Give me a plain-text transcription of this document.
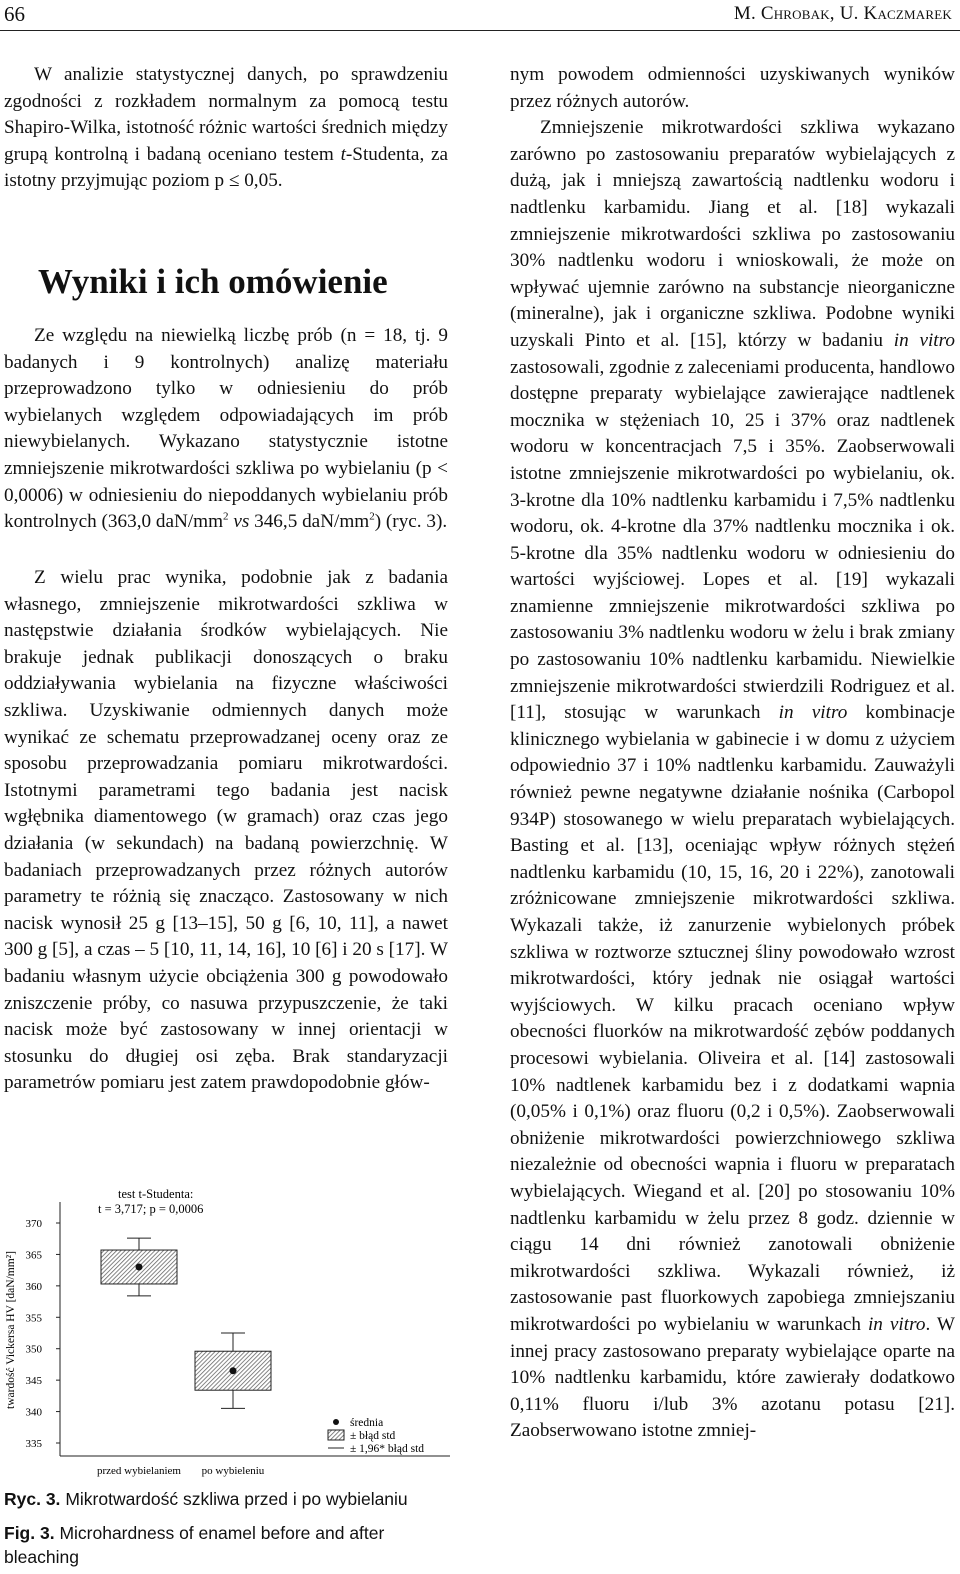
66	M. Chrobak, U. Kaczmarek

W analizie statystycznej danych, po sprawdzeniu zgodności z rozkładem normalnym za pomocą testu Shapiro-Wilka, istotność różnic wartości średnich między grupą kontrolną i badaną oceniano testem t-Studenta, za istotny przyjmując poziom p ≤ 0,05.

Wyniki i ich omówienie

Ze względu na niewielką liczbę prób (n = 18, tj. 9 badanych i 9 kontrolnych) analizę materiału przeprowadzono tylko w odniesieniu do prób wybielanych względem odpowiadających im prób niewybielanych. Wykazano statystycznie istotne zmniejszenie mikrotwardości szkliwa po wybielaniu (p < 0,0006) w odniesieniu do niepoddanych wybielaniu prób kontrolnych (363,0 daN/$mm^2$ vs 346,5 daN/$mm^2$) (ryc. 3).

Z wielu prac wynika, podobnie jak z badania własnego, zmniejszenie mikrotwardości szkliwa w następstwie działania środków wybielających. Nie brakuje jednak publikacji donoszących o braku oddziaływania wybielania na fizyczne właściwości szkliwa. Uzyskiwanie odmiennych danych może wynikać ze schematu przeprowadzanej oceny oraz ze sposobu przeprowadzania pomiaru mikrotwardości. Istotnymi parametrami tego badania jest nacisk wgłębnika diamentowego (w gramach) oraz czas jego działania (w sekundach) na badaną powierzchnię. W badaniach przeprowadzanych przez różnych autorów parametry te różnią się znacząco. Zastosowany w nich nacisk wynosił 25 g [13–15], 50 g [6, 10, 11], a nawet 300 g [5], a czas – 5 [10, 11, 14, 16], 10 [6] i 20 s [17]. W badaniu własnym użycie obciążenia 300 g powodowało zniszczenie próby, co nasuwa przypuszczenie, że taki nacisk może być zastosowany w innej orientacji w stosunku do długiej osi zęba. Brak standaryzacji parametrów pomiaru jest zatem prawdopodobnie głów-

nym powodem odmienności uzyskiwanych wyników przez różnych autorów.

Zmniejszenie mikrotwardości szkliwa wykazano zarówno po zastosowaniu preparatów wybielających z dużą, jak i mniejszą zawartością nadtlenku wodoru i nadtlenku karbamidu. Jiang et al. [18] wykazali zmniejszenie mikrotwardości szkliwa po zastosowaniu 30% nadtlenku wodoru i wnioskowali, że może on wpływać ujemnie zarówno na substancje nieorganiczne (mineralne), jak i organiczne szkliwa. Podobne wyniki uzyskali Pinto et al. [15], którzy w badaniu in vitro zastosowali, zgodnie z zaleceniami producenta, handlowo dostępne preparaty wybielające zawierające nadtlenek mocznika w stężeniach 10, 25 i 37% oraz nadtlenek wodoru w koncentracjach 7,5 i 35%. Zaobserwowali istotne zmniejszenie mikrotwardości po wybielaniu, ok. 3-krotne dla 10% nadtlenku karbamidu i 7,5% nadtlenku wodoru, ok. 4-krotne dla 37% nadtlenku mocznika i ok. 5-krotne dla 35% nadtlenku wodoru w odniesieniu do wartości wyjściowej. Lopes et al. [19] wykazali znamienne zmniejszenie mikrotwardości szkliwa po zastosowaniu 3% nadtlenku wodoru w żelu i brak zmiany po zastosowaniu 10% nadtlenku karbamidu. Niewielkie zmniejszenie mikrotwardości stwierdzili Rodriguez et al. [11], stosując w warunkach in vitro kombinacje klinicznego wybielania w gabinecie i w domu z użyciem odpowiednio 37 i 10% nadtlenku karbamidu. Zauważyli również pewne negatywne działanie nośnika (Carbopol 934P) stosowanego w wielu preparatach wybielających. Basting et al. [13], oceniając wpływ różnych stężeń nadtlenku karbamidu (10, 15, 16, 20 i 22%), zanotowali zróżnicowane zmniejszenie mikrotwardości szkliwa. Wykazali także, iż zanurzenie wybielonych próbek szkliwa w roztworze sztucznej śliny powodowało wzrost mikrotwardości, który jednak nie osiągał wartości wyjściowych. W kilku pracach oceniano wpływ obecności fluorków na mikrotwardość zębów poddanych procesowi wybielania. Oliveira et al. [14] zastosowali 10% nadtlenek karbamidu bez i z dodatkami wapnia (0,05% i 0,1%) oraz fluoru (0,2 i 0,5%). Zaobserwowali obniżenie mikrotwardości powierzchniowego szkliwa niezależnie od obecności wapnia i fluoru w preparatach wybielających. Wiegand et al. [20] po stosowaniu 10% nadtlenku karbamidu w żelu przez 8 godz. dziennie w ciągu 14 dni również zanotowali obniżenie mikrotwardości szkliwa. Wykazali również, iż zastosowanie past fluorkowych zapobiega zmniejszaniu mikrotwardości po wybielaniu w warunkach in vitro. W innej pracy zastosowano preparaty wybielające oparte na 10% nadtlenku karbamidu, które zawierały dodatkowo 0,11% fluoru i/lub 3% azotanu potasu [21]. Zaobserwowano istotne zmniej-

test t-Studenta:
t = 3,717; p = 0,0006
335
340
345
350
355
360
365
370
przed wybielaniem po wybieleniu
twardość Vickersa HV [daN/mm²]
średnia
± błąd std
± 1,96* błąd std
Ryc. 3. Mikrotwardość szkliwa przed i po wybielaniu
Fig. 3. Microhardness of enamel before and after bleaching
